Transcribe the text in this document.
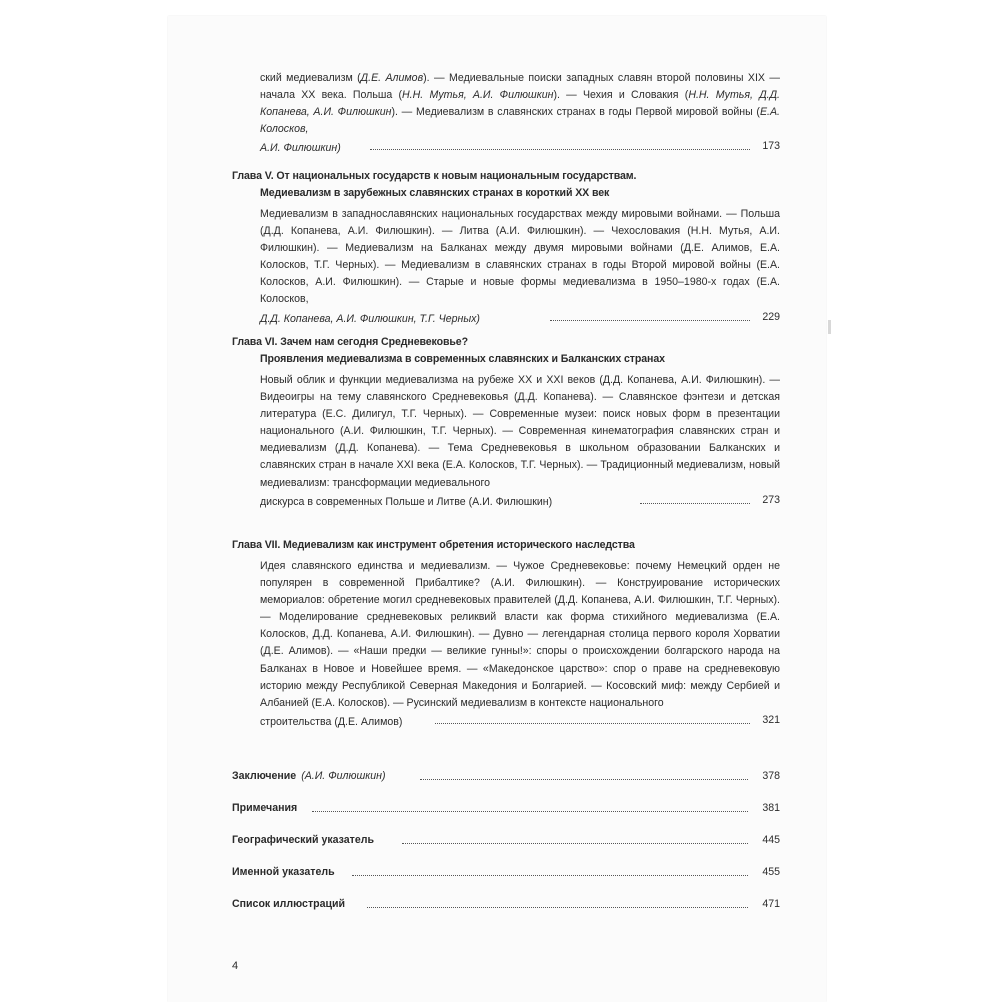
ский медиевализм (Д.Е. Алимов). — Медиевальные поиски западных славян второй половины XIX — начала XX века. Польша (Н.Н. Мутья, А.И. Филюшкин). — Чехия и Словакия (Н.Н. Мутья, Д.Д. Копанева, А.И. Филюшкин). — Медиевализм в славянских странах в годы Первой мировой войны (Е.А. Колосков,
А.И. Филюшкин)	173
Глава V. От национальных государств к новым национальным государствам.
Медиевализм в зарубежных славянских странах в короткий XX век
Медиевализм в западнославянских национальных государствах между мировыми войнами. — Польша (Д.Д. Копанева, А.И. Филюшкин). — Литва (А.И. Филюшкин). — Чехословакия (Н.Н. Мутья, А.И. Филюшкин). — Медиевализм на Балканах между двумя мировыми войнами (Д.Е. Алимов, Е.А. Колосков, Т.Г. Черных). — Медиевализм в славянских странах в годы Второй мировой войны (Е.А. Колосков, А.И. Филюшкин). — Старые и новые формы медиевализма в 1950–1980-х годах (Е.А. Колосков,
Д.Д. Копанева, А.И. Филюшкин, Т.Г. Черных)	229
Глава VI. Зачем нам сегодня Средневековье?
Проявления медиевализма в современных славянских и Балканских странах
Новый облик и функции медиевализма на рубеже XX и XXI веков (Д.Д. Копанева, А.И. Филюшкин). — Видеоигры на тему славянского Средневековья (Д.Д. Копанева). — Славянское фэнтези и детская литература (Е.С. Дилигул, Т.Г. Черных). — Современные музеи: поиск новых форм в презентации национального (А.И. Филюшкин, Т.Г. Черных). — Современная кинематография славянских стран и медиевализм (Д.Д. Копанева). — Тема Средневековья в школьном образовании Балканских и славянских стран в начале XXI века (Е.А. Колосков, Т.Г. Черных). — Традиционный медиевализм, новый медиевализм: трансформации медиевального
дискурса в современных Польше и Литве (А.И. Филюшкин)	273
Глава VII. Медиевализм как инструмент обретения исторического наследства
Идея славянского единства и медиевализм. — Чужое Средневековье: почему Немецкий орден не популярен в современной Прибалтике? (А.И. Филюшкин). — Конструирование исторических мемориалов: обретение могил средневековых правителей (Д.Д. Копанева, А.И. Филюшкин, Т.Г. Черных). — Моделирование средневековых реликвий власти как форма стихийного медиевализма (Е.А. Колосков, Д.Д. Копанева, А.И. Филюшкин). — Дувно — легендарная столица первого короля Хорватии (Д.Е. Алимов). — «Наши предки — великие гунны!»: споры о происхождении болгарского народа на Балканах в Новое и Новейшее время. — «Македонское царство»: спор о праве на средневековую историю между Республикой Северная Македония и Болгарией. — Косовский миф: между Сербией и Албанией (Е.А. Колосков). — Русинский медиевализм в контексте национального
строительства (Д.Е. Алимов)	321
Заключение (А.И. Филюшкин)	378
Примечания	381
Географический указатель	445
Именной указатель	455
Список иллюстраций	471
4
